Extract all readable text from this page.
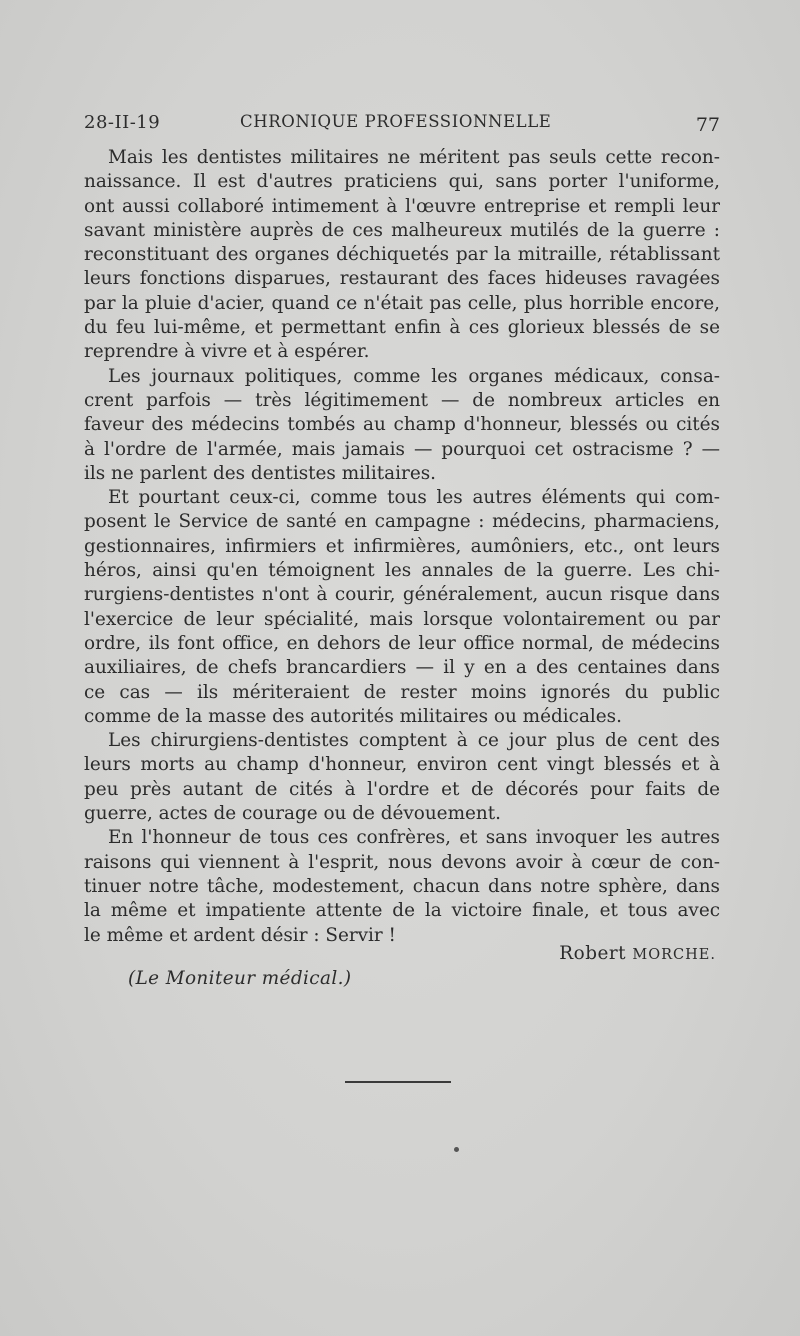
28-II-19	CHRONIQUE PROFESSIONNELLE	77
Mais les dentistes militaires ne méritent pas seuls cette recon-
naissance. Il est d'autres praticiens qui, sans porter l'uniforme,
ont aussi collaboré intimement à l'œuvre entreprise et rempli leur
savant ministère auprès de ces malheureux mutilés de la guerre :
reconstituant des organes déchiquetés par la mitraille, rétablissant
leurs fonctions disparues, restaurant des faces hideuses ravagées
par la pluie d'acier, quand ce n'était pas celle, plus horrible encore,
du feu lui-même, et permettant enfin à ces glorieux blessés de se
reprendre à vivre et à espérer.
Les journaux politiques, comme les organes médicaux, consa-
crent parfois — très légitimement — de nombreux articles en
faveur des médecins tombés au champ d'honneur, blessés ou cités
à l'ordre de l'armée, mais jamais — pourquoi cet ostracisme ? —
ils ne parlent des dentistes militaires.
Et pourtant ceux-ci, comme tous les autres éléments qui com-
posent le Service de santé en campagne : médecins, pharmaciens,
gestionnaires, infirmiers et infirmières, aumôniers, etc., ont leurs
héros, ainsi qu'en témoignent les annales de la guerre. Les chi-
rurgiens-dentistes n'ont à courir, généralement, aucun risque dans
l'exercice de leur spécialité, mais lorsque volontairement ou par
ordre, ils font office, en dehors de leur office normal, de médecins
auxiliaires, de chefs brancardiers — il y en a des centaines dans
ce cas — ils mériteraient de rester moins ignorés du public
comme de la masse des autorités militaires ou médicales.
Les chirurgiens-dentistes comptent à ce jour plus de cent des
leurs morts au champ d'honneur, environ cent vingt blessés et à
peu près autant de cités à l'ordre et de décorés pour faits de
guerre, actes de courage ou de dévouement.
En l'honneur de tous ces confrères, et sans invoquer les autres
raisons qui viennent à l'esprit, nous devons avoir à cœur de con-
tinuer notre tâche, modestement, chacun dans notre sphère, dans
la même et impatiente attente de la victoire finale, et tous avec
le même et ardent désir : Servir !
Robert MORCHE.
(Le Moniteur médical.)
